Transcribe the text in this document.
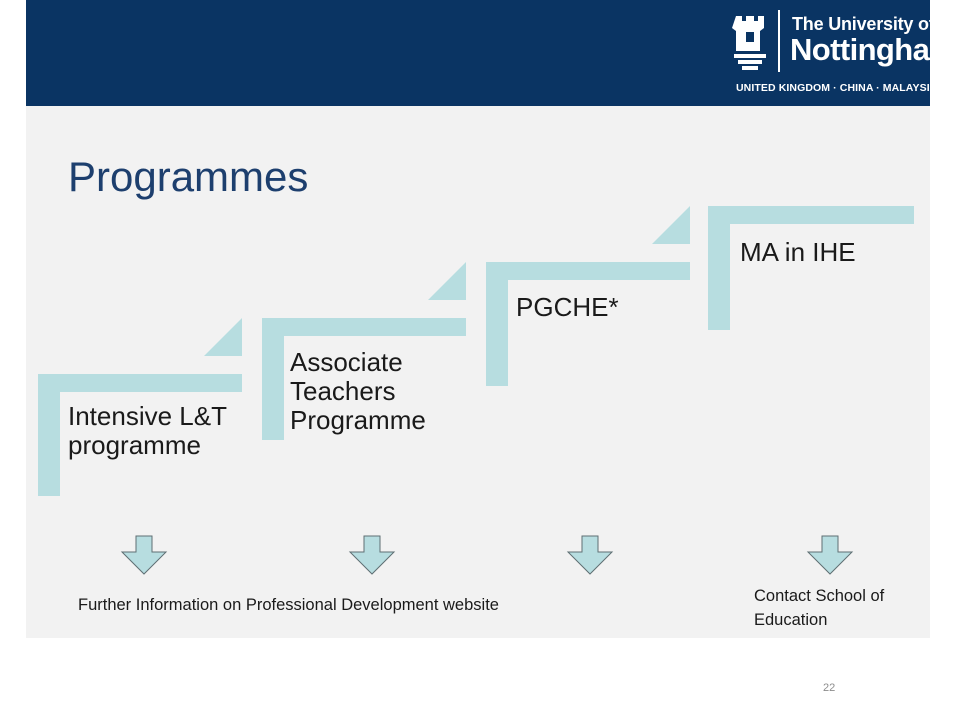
The University of
Nottingham
UNITED KINGDOM · CHINA · MALAYSIA
Programmes
Intensive L&T programme
Associate Teachers Programme
PGCHE*
MA in IHE
Further Information on Professional Development website	Contact School of Education
22
